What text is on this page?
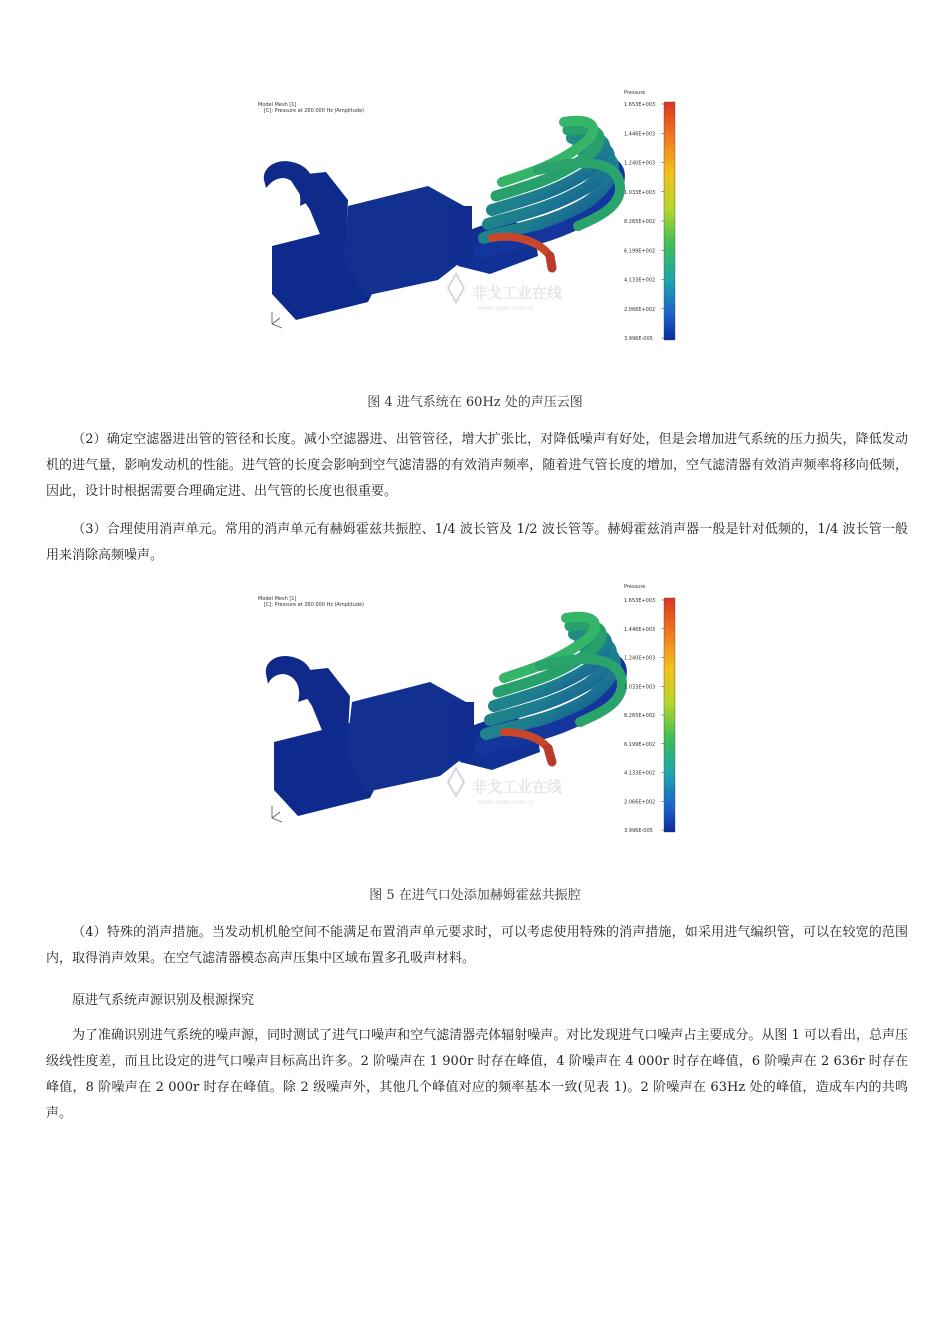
Model Mesh [1]
[C]: Pressure at 260.000 Hz (Amplitude)
非戈工业在线
www.vogel.com.cn
Pressure
1.653E+003
1.446E+003
1.240E+003
1.033E+003
8.265E+002
6.199E+002
4.133E+002
2.066E+002
3.996E-005
图 4 进气系统在 60Hz 处的声压云图
（2）确定空滤器进出管的管径和长度。减小空滤器进、出管管径，增大扩张比，对降低噪声有好处，但是会增加进气系统的压力损失，降低发动机的进气量，影响发动机的性能。进气管的长度会影响到空气滤清器的有效消声频率，随着进气管长度的增加，空气滤清器有效消声频率将移向低频，因此，设计时根据需要合理确定进、出气管的长度也很重要。
（3）合理使用消声单元。常用的消声单元有赫姆霍兹共振腔、1/4 波长管及 1/2 波长管等。赫姆霍兹消声器一般是针对低频的，1/4 波长管一般用来消除高频噪声。
Model Mesh [1]
[C]: Pressure at 260.000 Hz (Amplitude)
非戈工业在线
www.vogel.com.cn
Pressure
1.653E+003
1.446E+003
1.240E+003
1.033E+003
8.265E+002
6.199E+002
4.133E+002
2.066E+002
3.996E-005
图 5 在进气口处添加赫姆霍兹共振腔
（4）特殊的消声措施。当发动机机舱空间不能满足布置消声单元要求时，可以考虑使用特殊的消声措施，如采用进气编织管，可以在较宽的范围内，取得消声效果。在空气滤清器模态高声压集中区域布置多孔吸声材料。
原进气系统声源识别及根源探究
为了准确识别进气系统的噪声源，同时测试了进气口噪声和空气滤清器壳体辐射噪声。对比发现进气口噪声占主要成分。从图 1 可以看出，总声压级线性度差，而且比设定的进气口噪声目标高出许多。2 阶噪声在 1 900r 时存在峰值，4 阶噪声在 4 000r 时存在峰值，6 阶噪声在 2 636r 时存在峰值，8 阶噪声在 2 000r 时存在峰值。除 2 级噪声外，其他几个峰值对应的频率基本一致(见表 1)。2 阶噪声在 63Hz 处的峰值，造成车内的共鸣声。
